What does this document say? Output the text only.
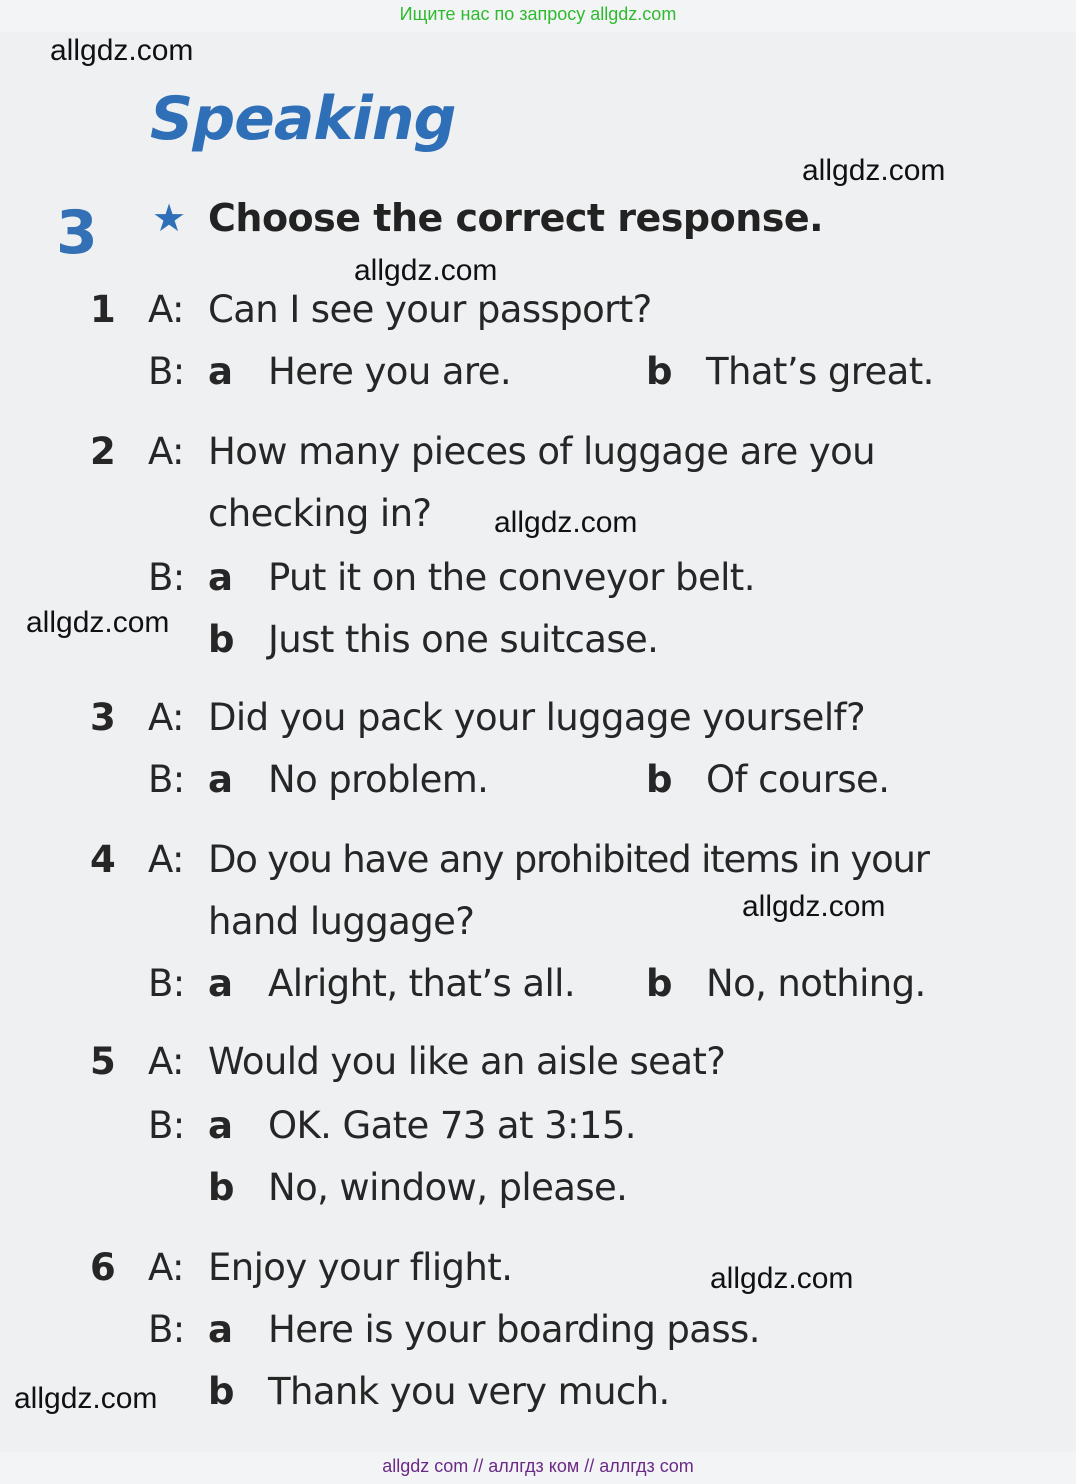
Ищите нас по запросу allgdz.com
allgdz.com
allgdz.com
allgdz.com
allgdz.com
allgdz.com
allgdz.com
allgdz.com
allgdz.com
Speaking
3 ★ Choose the correct response.
1 A: Can I see your passport?
B: a Here you are.	b That’s great.
2 A: How many pieces of luggage are you
checking in?
B: a Put it on the conveyor belt.
b Just this one suitcase.
3 A: Did you pack your luggage yourself?
B: a No problem.	b Of course.
4 A: Do you have any prohibited items in your
hand luggage?
B: a Alright, that’s all. b No, nothing.
5 A: Would you like an aisle seat?
B: a OK. Gate 73 at 3:15.
b No, window, please.
6 A: Enjoy your flight.
B: a Here is your boarding pass.
b Thank you very much.
allgdz com // аллгдз ком // аллгдз com
